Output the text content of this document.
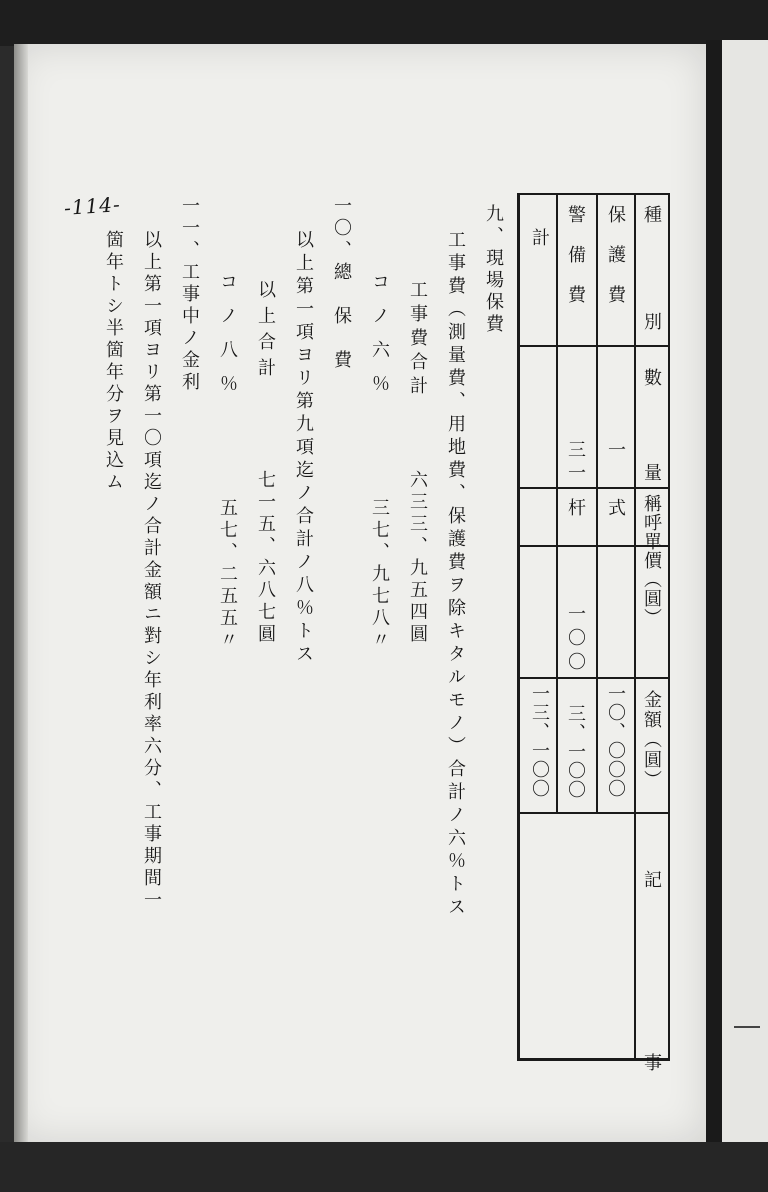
種 別
數 量
稱呼單價（圓）
金額（圓）
記 事
保護費
一
式
一〇、〇〇〇
警備費
三一
杆
一〇〇
三、一〇〇
計
一三、一〇〇
九、現場保費
工事費（測量費、用地費、保護費ヲ除キタルモノ）合計ノ六％トス
工事費合計
六三三、九五四圓
コノ六％
三七、九七八〃
一〇、總　保　費
以上第一項ヨリ第九項迄ノ合計ノ八％トス
以上合計
七一五、六八七圓
コノ八％
五七、二五五〃
一一、工事中ノ金利
以上第一項ヨリ第一〇項迄ノ合計金額ニ對シ年利率六分、工事期間一
箇年トシ半箇年分ヲ見込ム
-114-
